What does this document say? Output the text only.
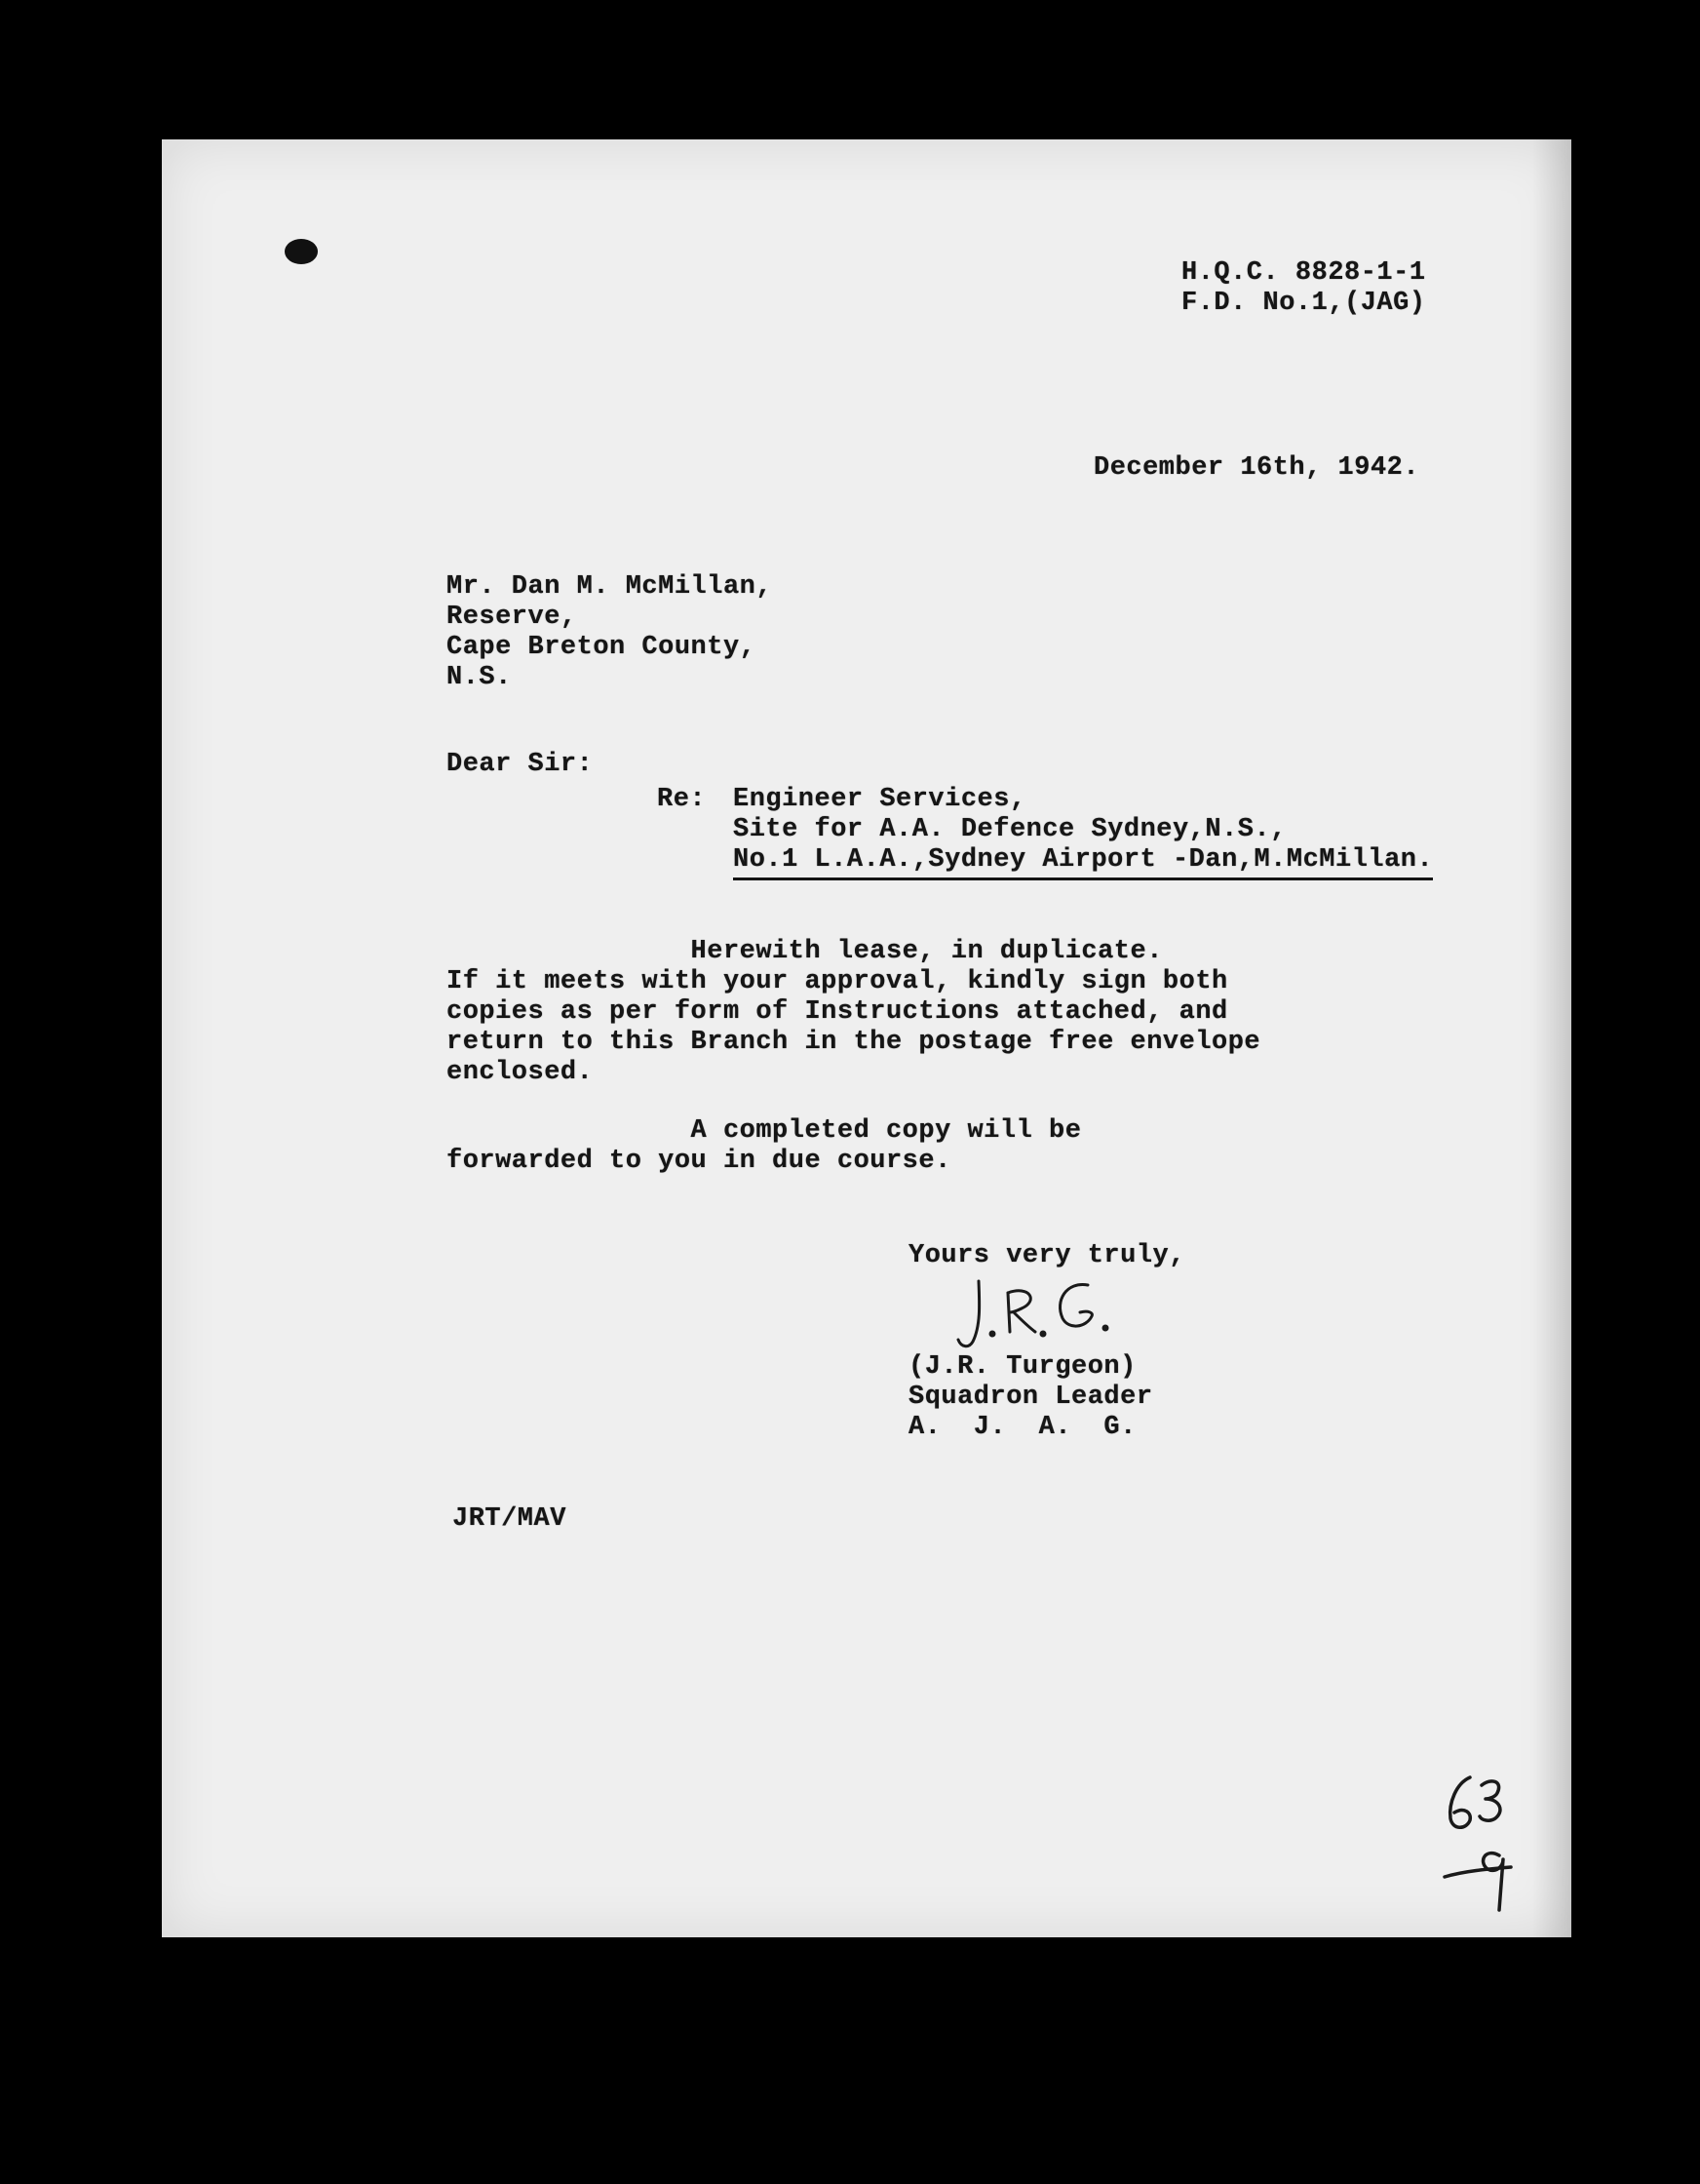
H.Q.C. 8828-1-1
F.D. No.1,(JAG)
December 16th, 1942.
Mr. Dan M. McMillan,
Reserve,
Cape Breton County,
N.S.
Dear Sir:
Re: Engineer Services,
Site for A.A. Defence Sydney,N.S.,
No.1 L.A.A.,Sydney Airport -Dan,M.McMillan.
Herewith lease, in duplicate.
If it meets with your approval, kindly sign both
copies as per form of Instructions attached, and
return to this Branch in the postage free envelope
enclosed.
A completed copy will be
forwarded to you in due course.
Yours very truly,
(J.R. Turgeon)
Squadron Leader
A.  J.  A.  G.
JRT/MAV
